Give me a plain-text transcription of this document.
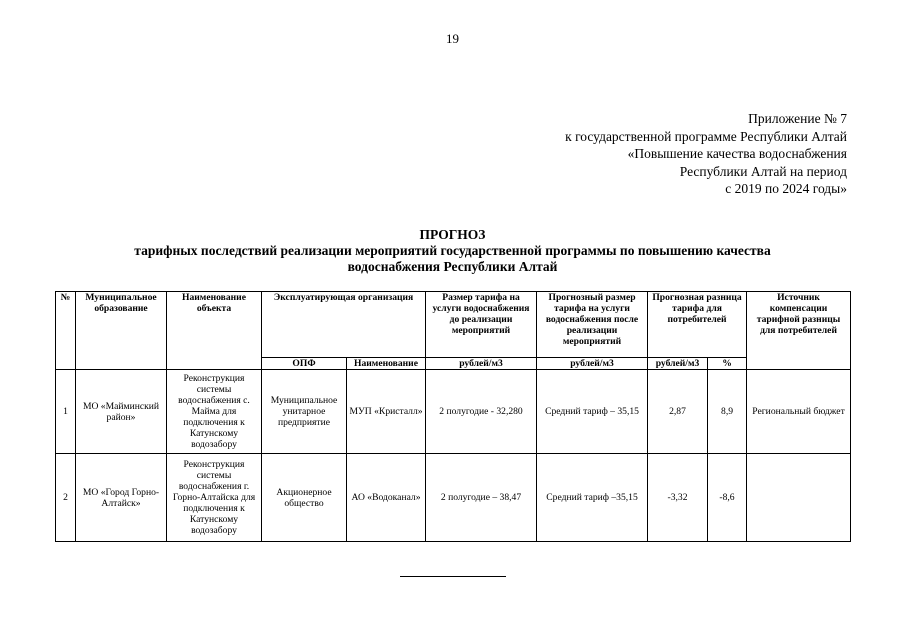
19
Приложение № 7
к государственной программе Республики Алтай
«Повышение качества водоснабжения
Республики Алтай на период
с 2019 по 2024 годы»
ПРОГНОЗ
тарифных последствий реализации мероприятий государственной программы по повышению качества
водоснабжения Республики Алтай
№	Муниципальное образование	Наименование объекта	Эксплуатирующая организация		Размер тарифа на услуги водоснабжения до реализации мероприятий	Прогнозный размер тарифа на услуги водоснабжения после реализации мероприятий	Прогнозная разница тарифа для потребителей		Источник компенсации тарифной разницы для потребителей
			ОПФ	Наименование	рублей/м3	рублей/м3	рублей/м3	%	
1	МО «Майминский район»	Реконструкция системы водоснабжения с. Майма для подключения к Катунскому водозабору	Муниципальное унитарное предприятие	МУП «Кристалл»	2 полугодие - 32,280	Средний тариф – 35,15	2,87	8,9	Региональный бюджет
2	МО «Город Горно-Алтайск»	Реконструкция системы водоснабжения г. Горно-Алтайска для подключения к Катунскому водозабору	Акционерное общество	АО «Водоканал»	2 полугодие – 38,47	Средний тариф –35,15	-3,32	-8,6	
